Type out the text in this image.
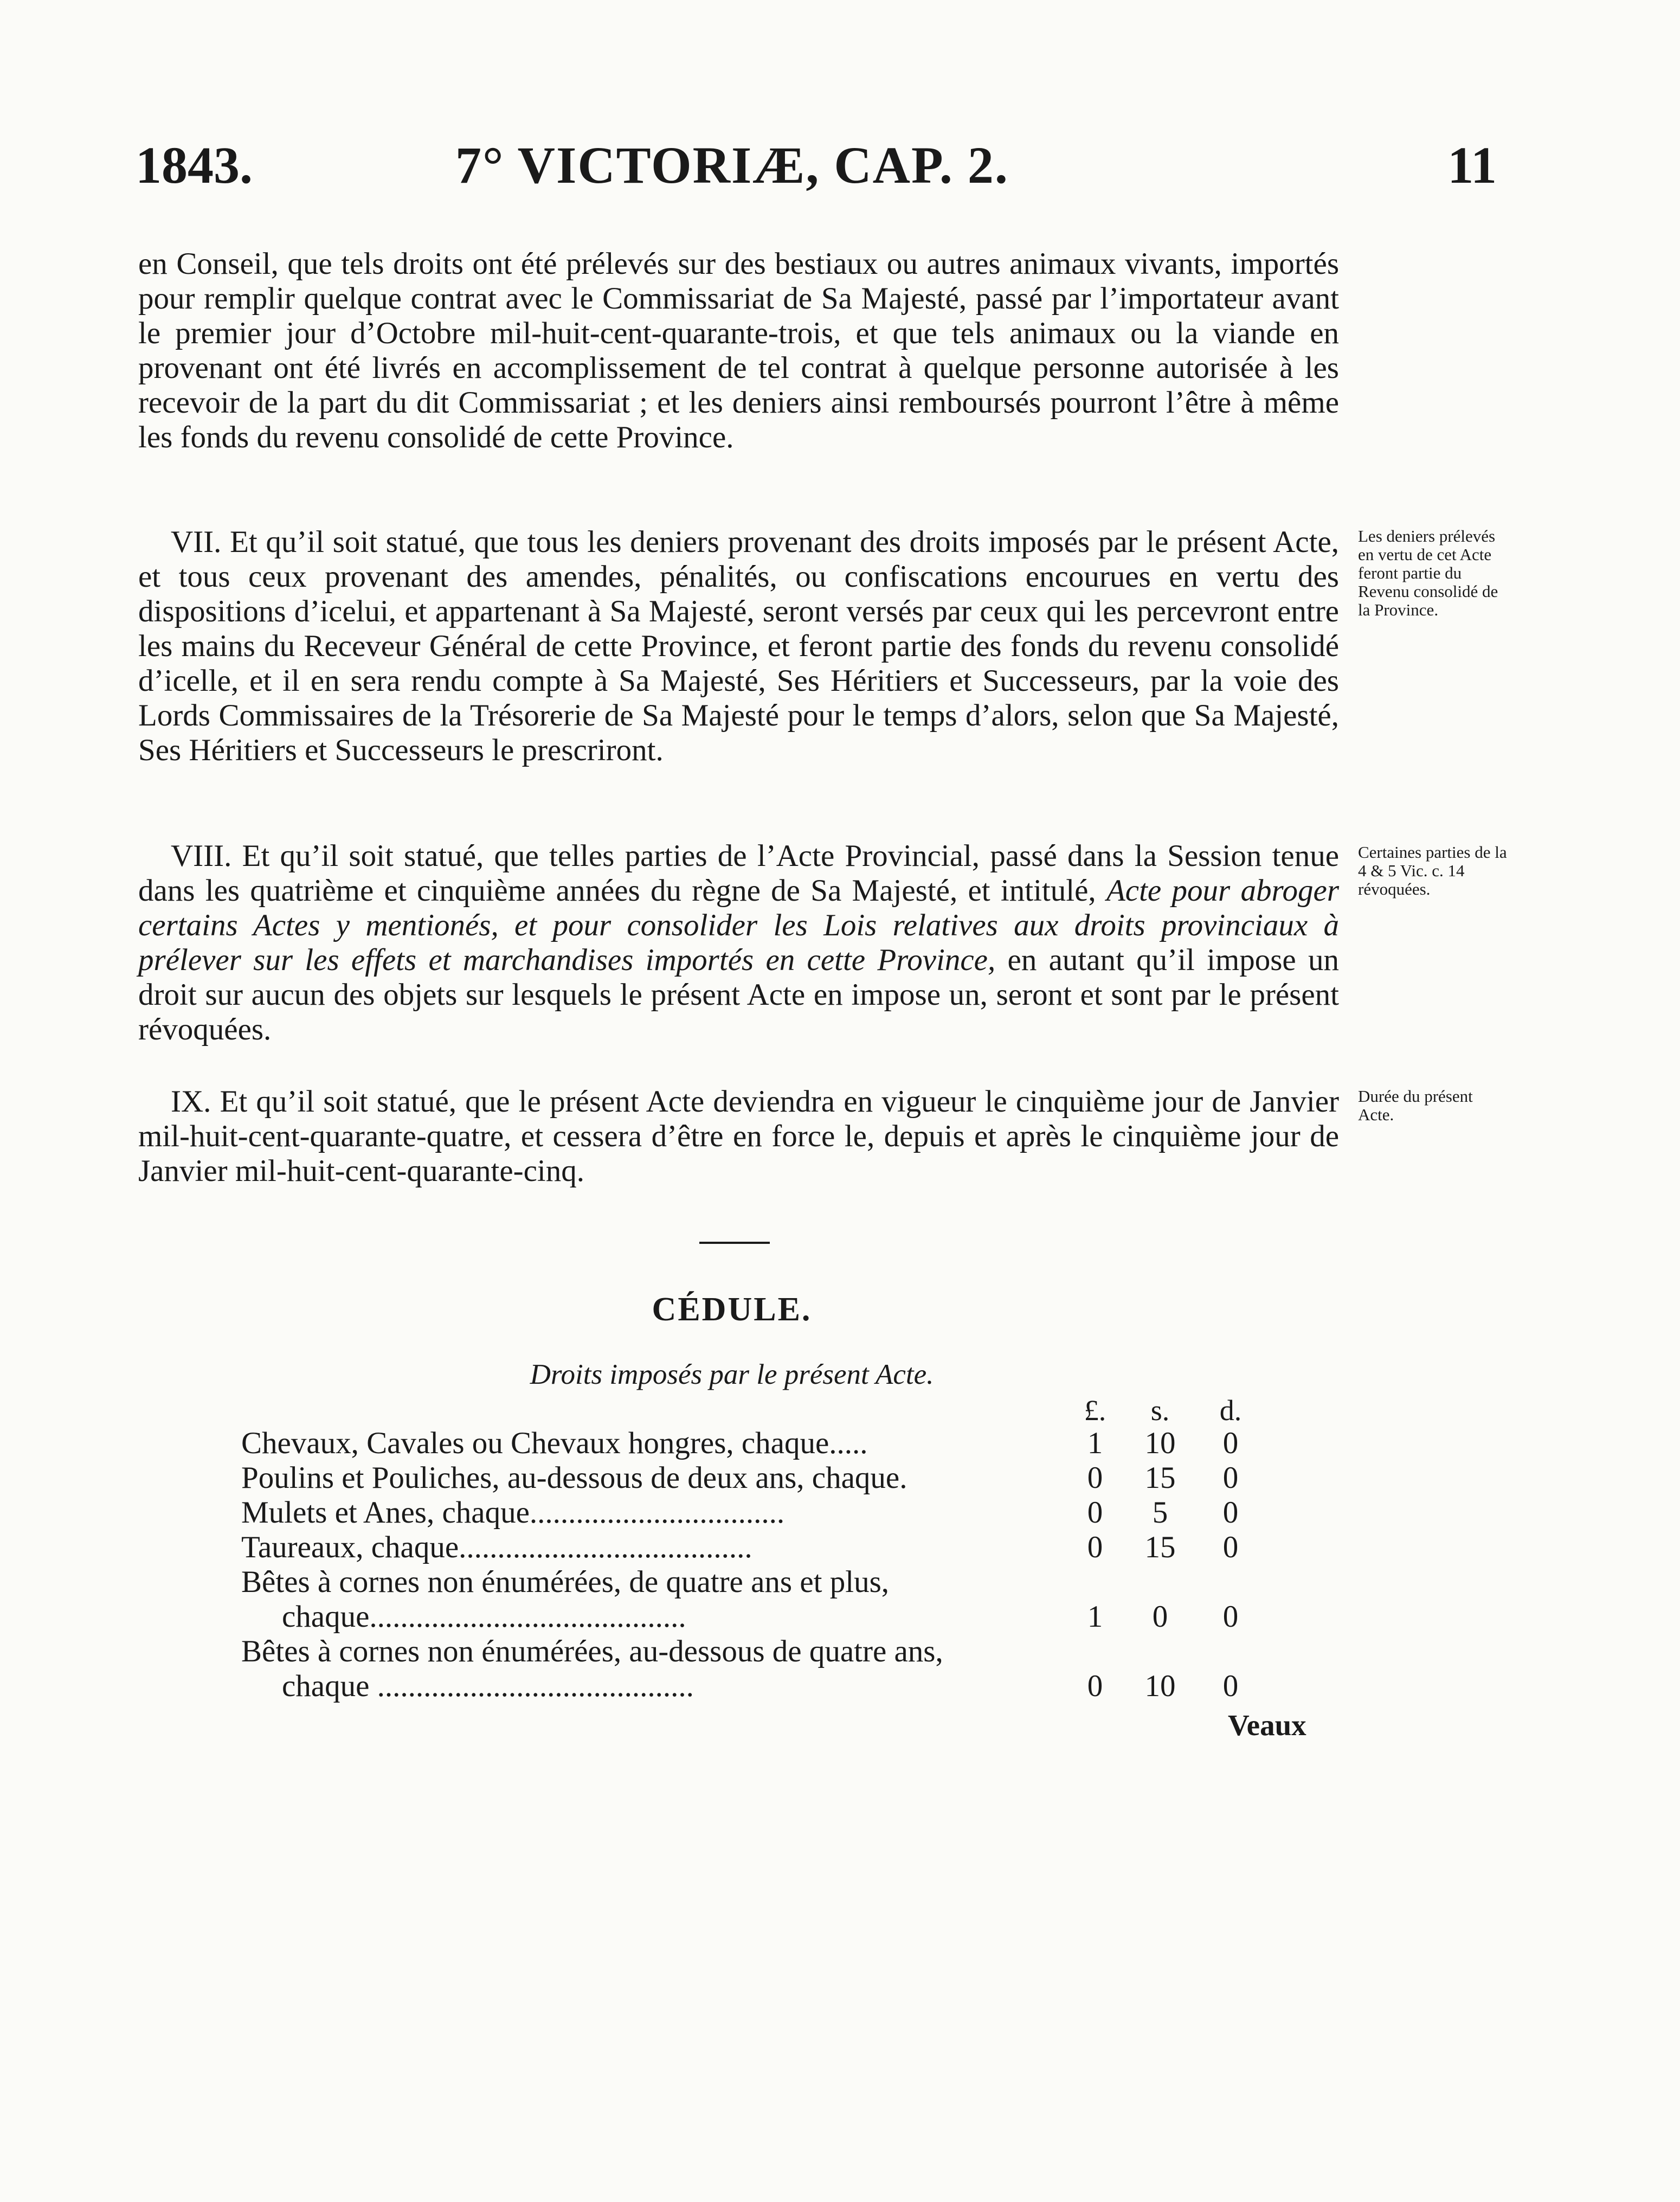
1843.	7° VICTORIÆ, CAP. 2.	11

en Conseil, que tels droits ont été prélevés sur des bestiaux ou autres animaux vivants, importés pour remplir quelque contrat avec le Commissariat de Sa Majesté, passé par l’importateur avant le premier jour d’Octobre mil-huit-cent-quarante-trois, et que tels animaux ou la viande en provenant ont été livrés en accomplissement de tel contrat à quelque personne autorisée à les recevoir de la part du dit Commissariat ; et les deniers ainsi remboursés pourront l’être à même les fonds du revenu consolidé de cette Province.

VII. Et qu’il soit statué, que tous les deniers provenant des droits imposés par le présent Acte, et tous ceux provenant des amendes, pénalités, ou confiscations encourues en vertu des dispositions d’icelui, et appartenant à Sa Majesté, seront versés par ceux qui les percevront entre les mains du Receveur Général de cette Province, et feront partie des fonds du revenu consolidé d’icelle, et il en sera rendu compte à Sa Majesté, Ses Héritiers et Successeurs, par la voie des Lords Commissaires de la Trésorerie de Sa Majesté pour le temps d’alors, selon que Sa Majesté, Ses Héritiers et Successeurs le prescriront.

Les deniers prélevés en vertu de cet Acte feront partie du Revenu consolidé de la Province.

VIII. Et qu’il soit statué, que telles parties de l’Acte Provincial, passé dans la Session tenue dans les quatrième et cinquième années du règne de Sa Majesté, et intitulé, Acte pour abroger certains Actes y mentionés, et pour consolider les Lois relatives aux droits provinciaux à prélever sur les effets et marchandises importés en cette Province, en autant qu’il impose un droit sur aucun des objets sur lesquels le présent Acte en impose un, seront et sont par le présent révoquées.

Certaines parties de la 4 & 5 Vic. c. 14 révoquées.

IX. Et qu’il soit statué, que le présent Acte deviendra en vigueur le cinquième jour de Janvier mil-huit-cent-quarante-quatre, et cessera d’être en force le, depuis et après le cinquième jour de Janvier mil-huit-cent-quarante-cinq.

Durée du présent Acte.
CÉDULE.
Droits imposés par le présent Acte.
£.	s.	d.
Chevaux, Cavales ou Chevaux hongres, chaque.....	1	10	0
Poulins et Pouliches, au-dessous de deux ans, chaque.	0	15	0
Mulets et Anes, chaque.................................	0	5	0
Taureaux, chaque......................................	0	15	0
Bêtes à cornes non énumérées, de quatre ans et plus,
chaque.........................................	1	0	0
Bêtes à cornes non énumérées, au-dessous de quatre ans,
chaque .........................................	0	10	0
Veaux
